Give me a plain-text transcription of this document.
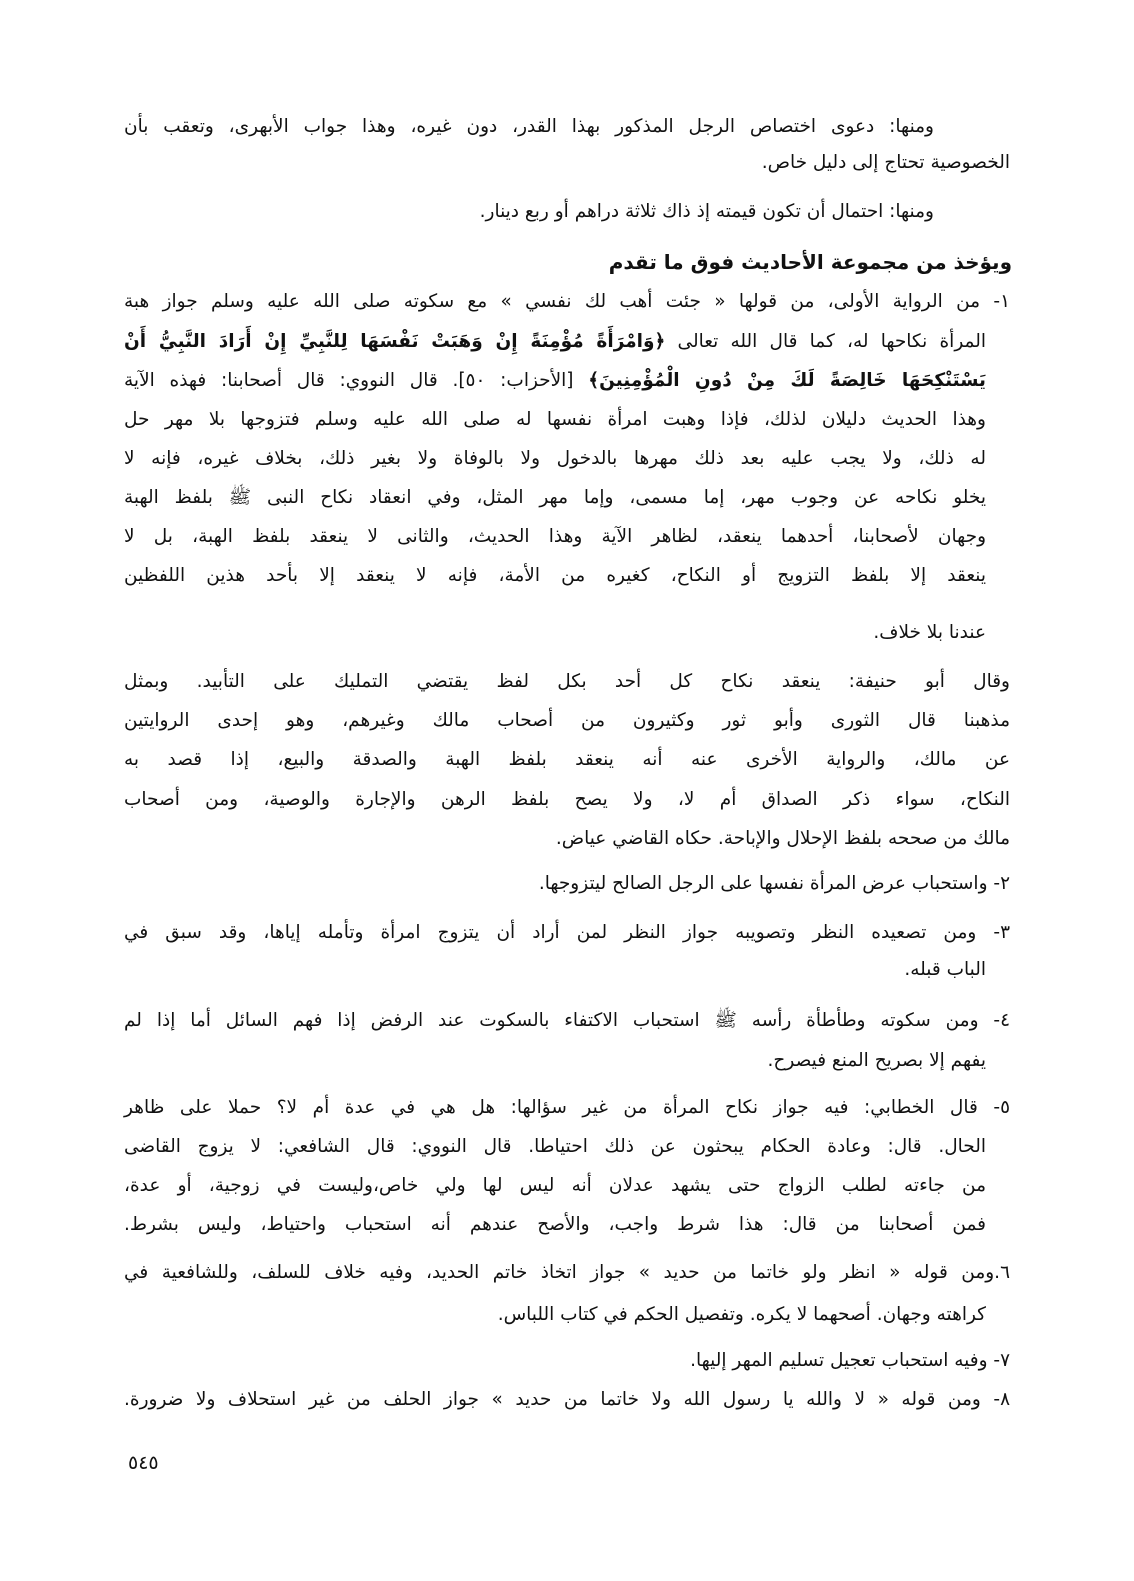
ومنها: دعوى اختصاص الرجل المذكور بهذا القدر، دون غيره، وهذا جواب الأبهرى، وتعقب بأن
الخصوصية تحتاج إلى دليل خاص.
ومنها: احتمال أن تكون قيمته إذ ذاك ثلاثة دراهم أو ربع دينار.
ويؤخذ من مجموعة الأحاديث فوق ما تقدم
١- من الرواية الأولى، من قولها « جئت أهب لك نفسي » مع سكوته صلى الله عليه وسلم جواز هبة
المرأة نكاحها له، كما قال الله تعالى ﴿وَامْرَأَةً مُؤْمِنَةً إِنْ وَهَبَتْ نَفْسَهَا لِلنَّبِيِّ إِنْ أَرَادَ النَّبِيُّ أَنْ
يَسْتَنْكِحَهَا خَالِصَةً لَكَ مِنْ دُونِ الْمُؤْمِنِينَ﴾ [الأحزاب: ٥٠]. قال النووي: قال أصحابنا: فهذه الآية
وهذا الحديث دليلان لذلك، فإذا وهبت امرأة نفسها له صلى الله عليه وسلم فتزوجها بلا مهر حل
له ذلك، ولا يجب عليه بعد ذلك مهرها بالدخول ولا بالوفاة ولا بغير ذلك، بخلاف غيره، فإنه لا
يخلو نكاحه عن وجوب مهر، إما مسمى، وإما مهر المثل، وفي انعقاد نكاح النبى ﷺ بلفظ الهبة
وجهان لأصحابنا، أحدهما ينعقد، لظاهر الآية وهذا الحديث، والثانى لا ينعقد بلفظ الهبة، بل لا
ينعقد إلا بلفظ التزويج أو النكاح، كغيره من الأمة، فإنه لا ينعقد إلا بأحد هذين اللفظين
عندنا بلا خلاف.
وقال أبو حنيفة: ينعقد نكاح كل أحد بكل لفظ يقتضي التمليك على التأبيد. وبمثل
مذهبنا قال الثورى وأبو ثور وكثيرون من أصحاب مالك وغيرهم، وهو إحدى الروايتين
عن مالك، والرواية الأخرى عنه أنه ينعقد بلفظ الهبة والصدقة والبيع، إذا قصد به
النكاح، سواء ذكر الصداق أم لا، ولا يصح بلفظ الرهن والإجارة والوصية، ومن أصحاب
مالك من صححه بلفظ الإحلال والإباحة. حكاه القاضي عياض.
٢- واستحباب عرض المرأة نفسها على الرجل الصالح ليتزوجها.
٣- ومن تصعيده النظر وتصويبه جواز النظر لمن أراد أن يتزوج امرأة وتأمله إياها، وقد سبق في
الباب قبله.
٤- ومن سكوته وطأطأة رأسه ﷺ استحباب الاكتفاء بالسكوت عند الرفض إذا فهم السائل أما إذا لم
يفهم إلا بصريح المنع فيصرح.
٥- قال الخطابي: فيه جواز نكاح المرأة من غير سؤالها: هل هي في عدة أم لا؟ حملا على ظاهر
الحال. قال: وعادة الحكام يبحثون عن ذلك احتياطا. قال النووي: قال الشافعي: لا يزوج القاضى
من جاءته لطلب الزواج حتى يشهد عدلان أنه ليس لها ولي خاص،وليست في زوجية، أو عدة،
فمن أصحابنا من قال: هذا شرط واجب، والأصح عندهم أنه استحباب واحتياط، وليس بشرط.
٦.ومن قوله « انظر ولو خاتما من حديد » جواز اتخاذ خاتم الحديد، وفيه خلاف للسلف، وللشافعية في
كراهته وجهان. أصحهما لا يكره. وتفصيل الحكم في كتاب اللباس.
٧- وفيه استحباب تعجيل تسليم المهر إليها.
٨- ومن قوله « لا والله يا رسول الله ولا خاتما من حديد » جواز الحلف من غير استحلاف ولا ضرورة.
٥٤٥
